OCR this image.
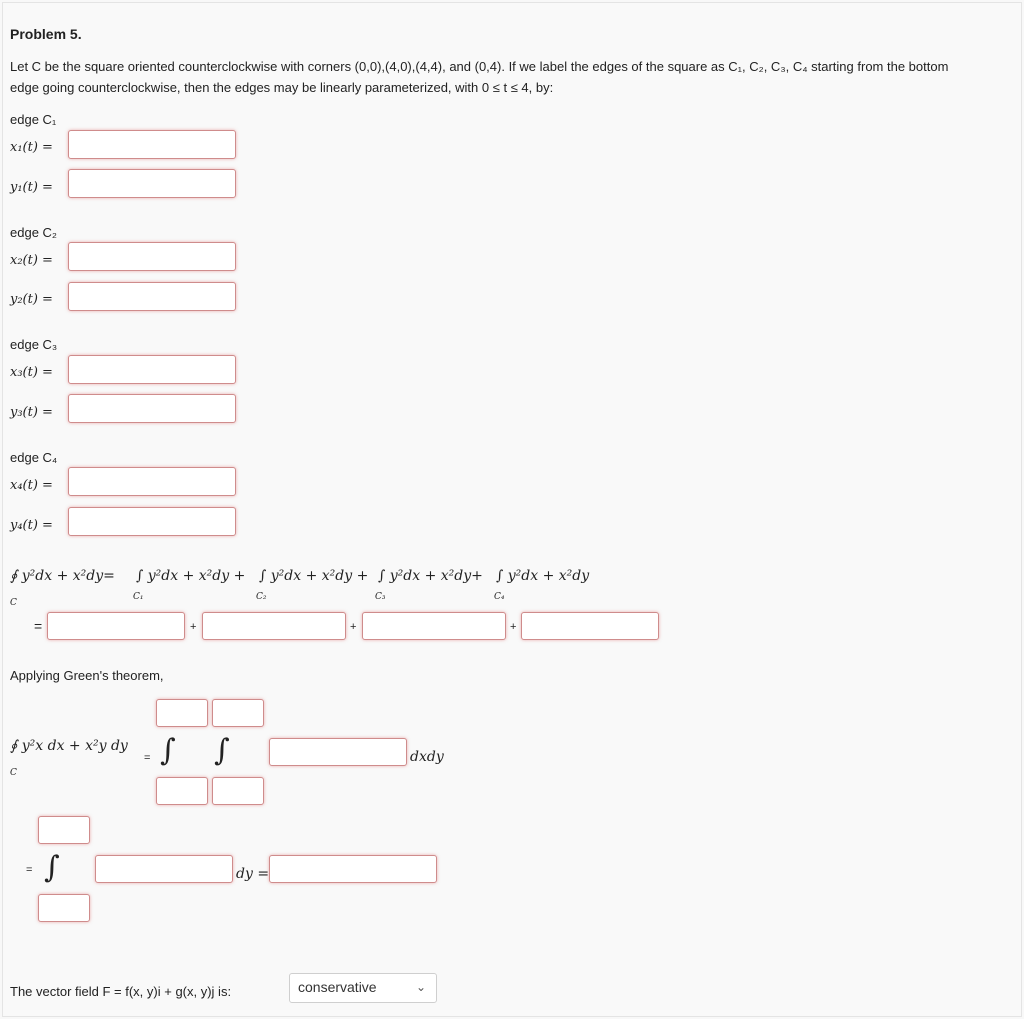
Problem 5.
Let C be the square oriented counterclockwise with corners (0,0),(4,0),(4,4), and (0,4). If we label the edges of the square as C₁, C₂, C₃, C₄ starting from the bottom
edge going counterclockwise, then the edges may be linearly parameterized, with 0 ≤ t ≤ 4, by:
edge C₁
x₁(t) =
y₁(t) =
edge C₂
x₂(t) =
y₂(t) =
edge C₃
x₃(t) =
y₃(t) =
edge C₄
x₄(t) =
y₄(t) =
∮ y²dx + x²dy=
C
∫ y²dx + x²dy +
C₁
∫ y²dx + x²dy +
C₂
∫ y²dx + x²dy+
C₃
∫ y²dx + x²dy
C₄
=	+	+	+
Applying Green's theorem,
∮ y²x dx + x²y dy
C
= ∫ ∫	dxdy
= ∫	dy =
The vector field F = f(x, y)i + g(x, y)j is:	conservative	⌄
